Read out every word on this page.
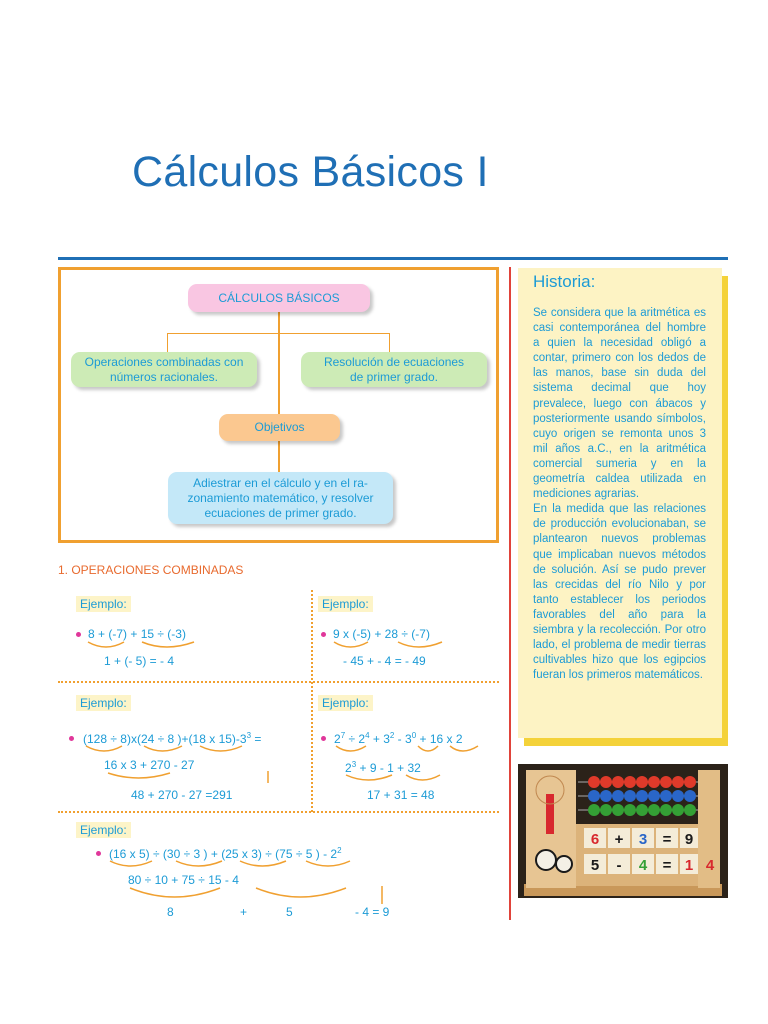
Cálculos Básicos I
CÁLCULOS BÁSICOS
Operaciones combinadas con
números racionales.
Resolución de ecuaciones
de primer grado.
Objetivos
Adiestrar en el cálculo y en el ra-
zonamiento matemático, y resolver
ecuaciones de primer grado.
1. OPERACIONES COMBINADAS
Ejemplo:
8 + (-7) + 15 ÷ (-3)
1 + (- 5) = - 4
Ejemplo:
9 x (-5) + 28 ÷ (-7)
- 45 + - 4 = - 49
Ejemplo:
(128 ÷ 8)x(24 ÷ 8 )+(18 x $15)-3^3$ =
16 x 3 + 270 - 27
48 + 270 - 27 =291
Ejemplo:
$2^7 \div 2^4 + 3^2 - 3^0 + 16$ x 2
$2^3 + 9 - 1 + 32$
17 + 31 = 48
Ejemplo:
(16 x 5) ÷ (30 ÷ 3 ) + (25 x 3) ÷ (75 ÷ 5 ) - $2^2$
80 ÷ 10 + 75 ÷ 15 - 4
8	+	5	- 4 = 9
Historia:
Se considera que la aritmética es casi contemporánea del hombre a quien la necesidad obligó a contar, primero con los dedos de las manos, base sin duda del sistema decimal que hoy prevalece, luego con ábacos y posteriormente usando símbolos, cuyo origen se remonta unos 3 mil años a.C., en la aritmética comercial sumeria y en la geometría caldea utilizada en mediciones agrarias.
En la medida que las relaciones de producción evolucionaban, se plantearon nuevos problemas que implicaban nuevos métodos de solución. Así se pudo prever las crecidas del río Nilo y por tanto establecer los periodos favorables del año para la siembra y la recolección. Por otro lado, el problema de medir tierras cultivables hizo que los egipcios fueran los primeros matemáticos.
6 + 3 = 9
5 - 4 = 1 4
